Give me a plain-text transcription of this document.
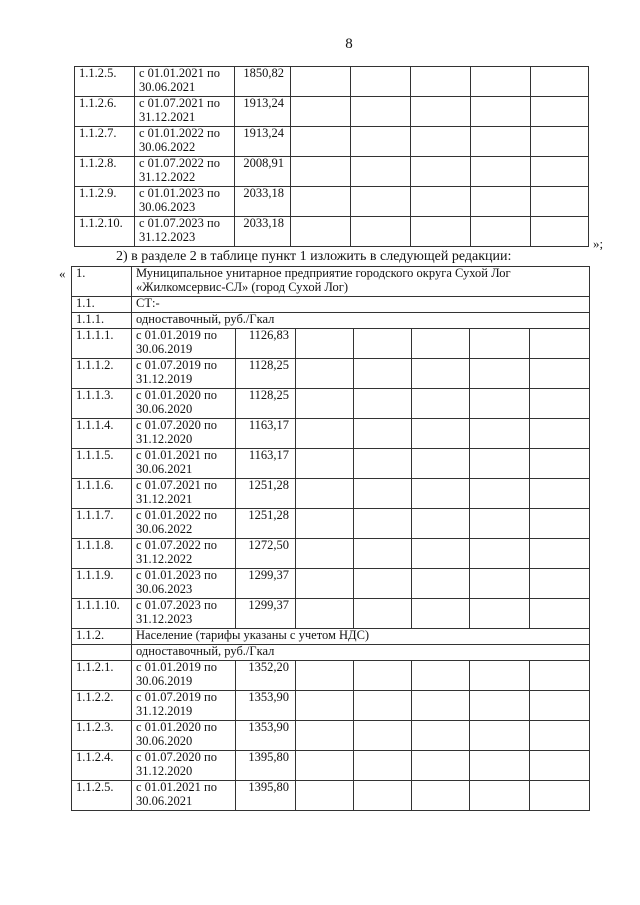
8
1.1.2.5.	с 01.01.2021 по 30.06.2021	1850,82					
1.1.2.6.	с 01.07.2021 по 31.12.2021	1913,24					
1.1.2.7.	с 01.01.2022 по 30.06.2022	1913,24					
1.1.2.8.	с 01.07.2022 по 31.12.2022	2008,91					
1.1.2.9.	с 01.01.2023 по 30.06.2023	2033,18					
1.1.2.10.	с 01.07.2023 по 31.12.2023	2033,18					
»;
2) в разделе 2 в таблице пункт 1 изложить в следующей редакции:
« 1.	Муниципальное унитарное предприятие городского округа Сухой Лог «Жилкомсервис-СЛ» (город Сухой Лог)						
1.1.	СТ:-						
1.1.1.	одноставочный, руб./Гкал						
1.1.1.1.	с 01.01.2019 по 30.06.2019	1126,83					
1.1.1.2.	с 01.07.2019 по 31.12.2019	1128,25					
1.1.1.3.	с 01.01.2020 по 30.06.2020	1128,25					
1.1.1.4.	с 01.07.2020 по 31.12.2020	1163,17					
1.1.1.5.	с 01.01.2021 по 30.06.2021	1163,17					
1.1.1.6.	с 01.07.2021 по 31.12.2021	1251,28					
1.1.1.7.	с 01.01.2022 по 30.06.2022	1251,28					
1.1.1.8.	с 01.07.2022 по 31.12.2022	1272,50					
1.1.1.9.	с 01.01.2023 по 30.06.2023	1299,37					
1.1.1.10.	с 01.07.2023 по 31.12.2023	1299,37					
1.1.2.	Население (тарифы указаны с учетом НДС)						
	одноставочный, руб./Гкал						
1.1.2.1.	с 01.01.2019 по 30.06.2019	1352,20					
1.1.2.2.	с 01.07.2019 по 31.12.2019	1353,90					
1.1.2.3.	с 01.01.2020 по 30.06.2020	1353,90					
1.1.2.4.	с 01.07.2020 по 31.12.2020	1395,80					
1.1.2.5.	с 01.01.2021 по 30.06.2021	1395,80					
